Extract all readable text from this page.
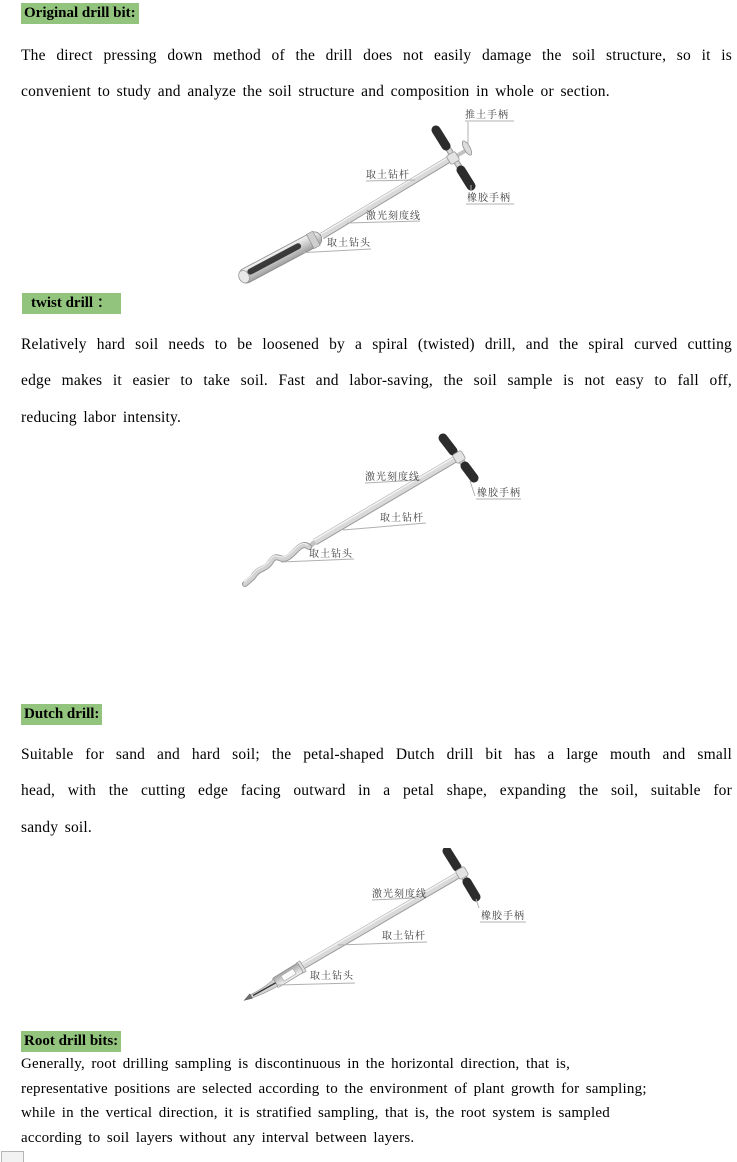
Original drill bit:
The direct pressing down method of the drill does not easily damage the soil structure, so it is
convenient to study and analyze the soil structure and composition in whole or section.
推土手柄
取土钻杆
橡胶手柄
激光刻度线
取土钻头
twist drill ：
Relatively hard soil needs to be loosened by a spiral (twisted) drill, and the spiral curved cutting
edge makes it easier to take soil. Fast and labor-saving, the soil sample is not easy to fall off,
reducing labor intensity.
激光刻度线
橡胶手柄
取土钻杆
取土钻头
Dutch drill:
Suitable for sand and hard soil; the petal-shaped Dutch drill bit has a large mouth and small
head, with the cutting edge facing outward in a petal shape, expanding the soil, suitable for
sandy soil.
激光刻度线
橡胶手柄
取土钻杆
取土钻头
Root drill bits:
Generally, root drilling sampling is discontinuous in the horizontal direction, that is,
representative positions are selected according to the environment of plant growth for sampling;
while in the vertical direction, it is stratified sampling, that is, the root system is sampled
according to soil layers without any interval between layers.
